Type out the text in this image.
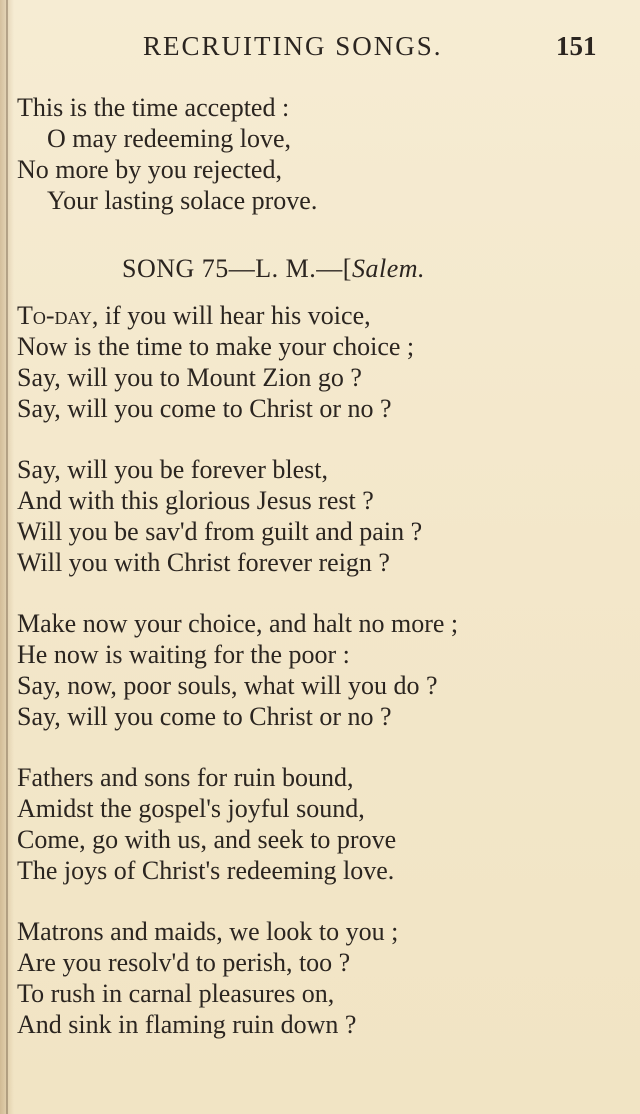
RECRUITING SONGS.	151
This is the time accepted :
O may redeeming love,
No more by you rejected,
Your lasting solace prove.
SONG 75—L. M.—[Salem.
To-day, if you will hear his voice,
Now is the time to make your choice ;
Say, will you to Mount Zion go ?
Say, will you come to Christ or no ?
Say, will you be forever blest,
And with this glorious Jesus rest ?
Will you be sav'd from guilt and pain ?
Will you with Christ forever reign ?
Make now your choice, and halt no more ;
He now is waiting for the poor :
Say, now, poor souls, what will you do ?
Say, will you come to Christ or no ?
Fathers and sons for ruin bound,
Amidst the gospel's joyful sound,
Come, go with us, and seek to prove
The joys of Christ's redeeming love.
Matrons and maids, we look to you ;
Are you resolv'd to perish, too ?
To rush in carnal pleasures on,
And sink in flaming ruin down ?
